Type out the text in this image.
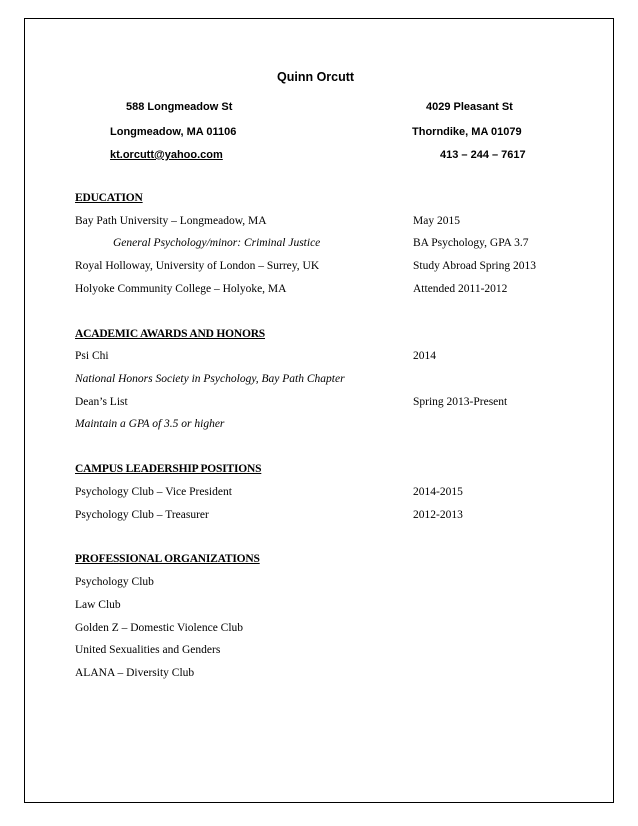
Quinn Orcutt
588 Longmeadow St
Longmeadow, MA 01106
kt.orcutt@yahoo.com
4029 Pleasant St
Thorndike, MA 01079
413 – 244 – 7617
EDUCATION
Bay Path University – Longmeadow, MA	May 2015
General Psychology/minor: Criminal Justice	BA Psychology, GPA 3.7
Royal Holloway, University of London – Surrey, UK	Study Abroad Spring 2013
Holyoke Community College – Holyoke, MA	Attended 2011-2012
ACADEMIC AWARDS AND HONORS
Psi Chi	2014
National Honors Society in Psychology, Bay Path Chapter
Dean’s List	Spring 2013-Present
Maintain a GPA of 3.5 or higher
CAMPUS LEADERSHIP POSITIONS
Psychology Club – Vice President	2014-2015
Psychology Club – Treasurer	2012-2013
PROFESSIONAL ORGANIZATIONS
Psychology Club
Law Club
Golden Z – Domestic Violence Club
United Sexualities and Genders
ALANA – Diversity Club
